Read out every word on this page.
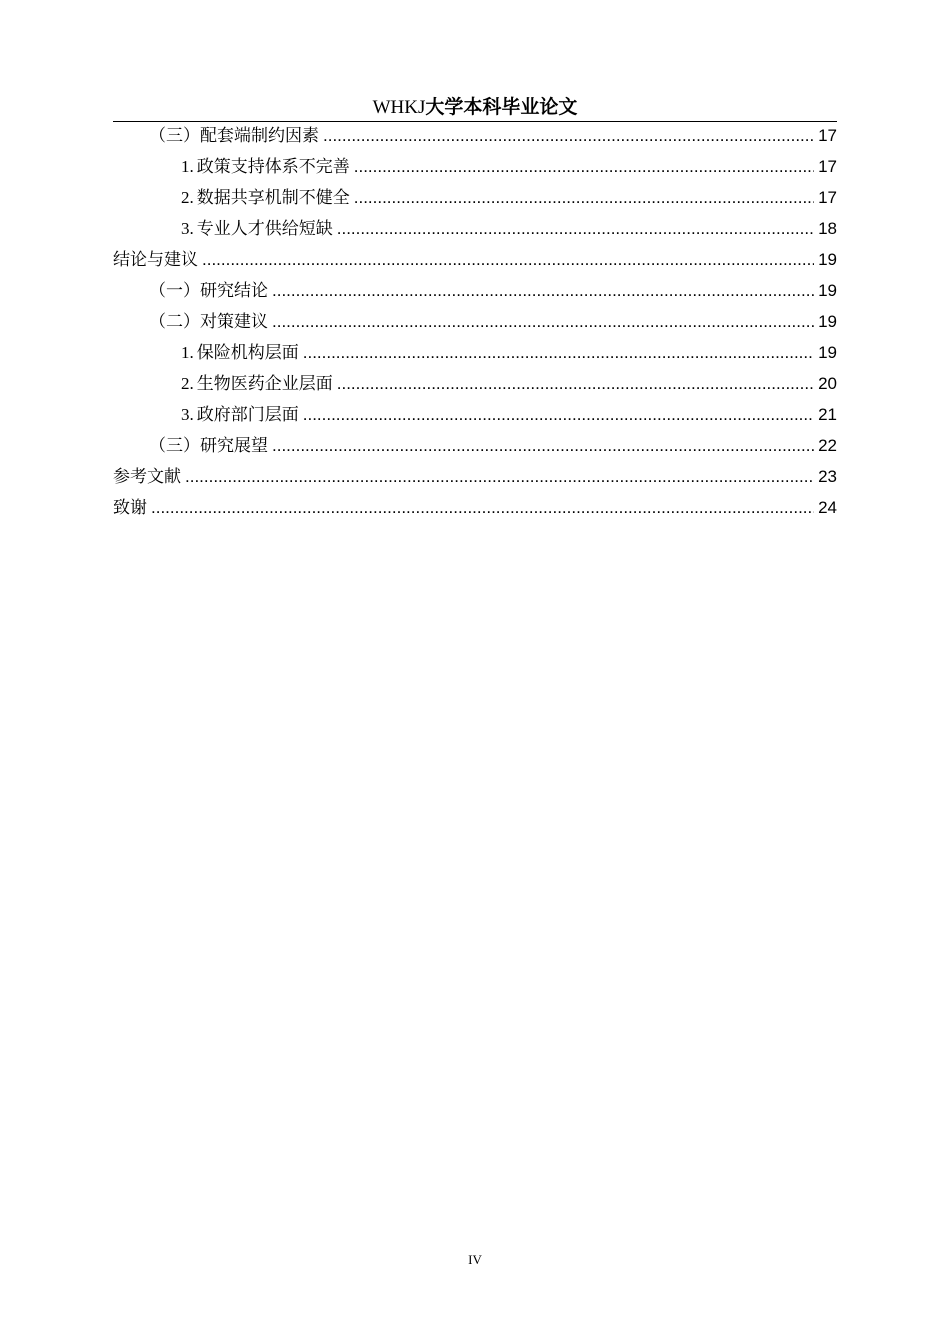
WHKJ大学本科毕业论文
（三）配套端制约因素 .....	17
1. 政策支持体系不完善 .....	17
2. 数据共享机制不健全 .....	17
3. 专业人才供给短缺 .....	18
结论与建议 .....	19
（一）研究结论 .....	19
（二）对策建议 .....	19
1. 保险机构层面 .....	19
2. 生物医药企业层面 .....	20
3. 政府部门层面 .....	21
（三）研究展望 .....	22
参考文献 .....	23
致谢 .....	24
IV
